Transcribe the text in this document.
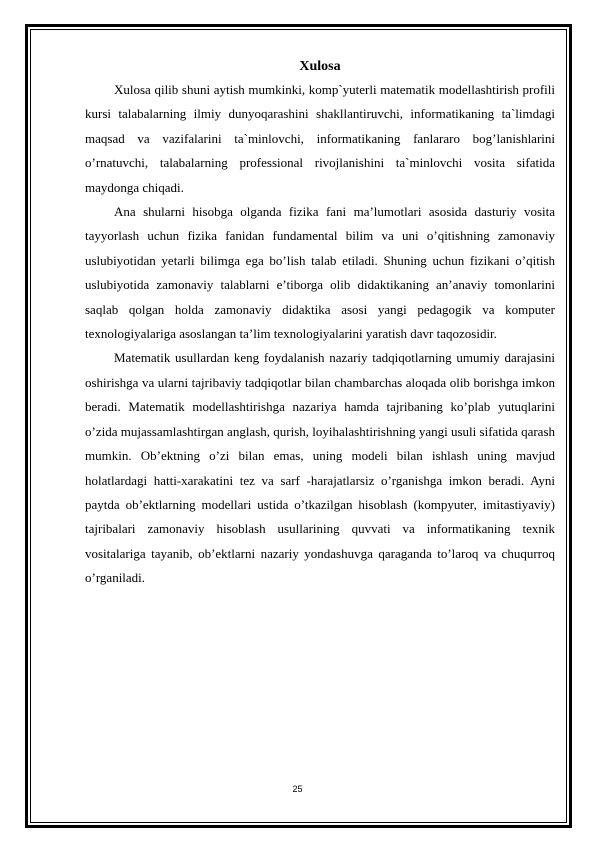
Xulosa

Xulosa qilib shuni aytish mumkinki, komp`yuterli matematik modellashtirish profili kursi talabalarning ilmiy dunyoqarashini shakllantiruvchi, informatikaning ta`limdagi maqsad va vazifalarini ta`minlovchi, informatikaning fanlararo bog’lanishlarini o’rnatuvchi, talabalarning professional rivojlanishini ta`minlovchi vosita sifatida maydonga chiqadi.

Ana shularni hisobga olganda fizika fani ma’lumotlari asosida dasturiy vosita tayyorlash uchun fizika fanidan fundamental bilim va uni o’qitishning zamonaviy uslubiyotidan yetarli bilimga ega bo’lish talab etiladi. Shuning uchun fizikani o’qitish uslubiyotida zamonaviy talablarni e’tiborga olib didaktikaning an’anaviy tomonlarini saqlab qolgan holda zamonaviy didaktika asosi yangi pedagogik va komputer texnologiyalariga asoslangan ta’lim texnologiyalarini yaratish davr taqozosidir.

Matematik usullardan keng foydalanish nazariy tadqiqotlarning umumiy darajasini oshirishga va ularni tajribaviy tadqiqotlar bilan chambarchas aloqada olib borishga imkon beradi. Matematik modellashtirishga nazariya hamda tajribaning ko’plab yutuqlarini o’zida mujassamlashtirgan anglash, qurish, loyihalashtirishning yangi usuli sifatida qarash mumkin. Ob’ektning o’zi bilan emas, uning modeli bilan ishlash uning mavjud holatlardagi hatti-xarakatini tez va sarf -harajatlarsiz o’rganishga imkon beradi. Ayni paytda ob’ektlarning modellari ustida o’tkazilgan hisoblash (kompyuter, imitastiyaviy) tajribalari zamonaviy hisoblash usullarining quvvati va informatikaning texnik vositalariga tayanib, ob’ektlarni nazariy yondashuvga qaraganda to’laroq va chuqurroq o’rganiladi.

25
